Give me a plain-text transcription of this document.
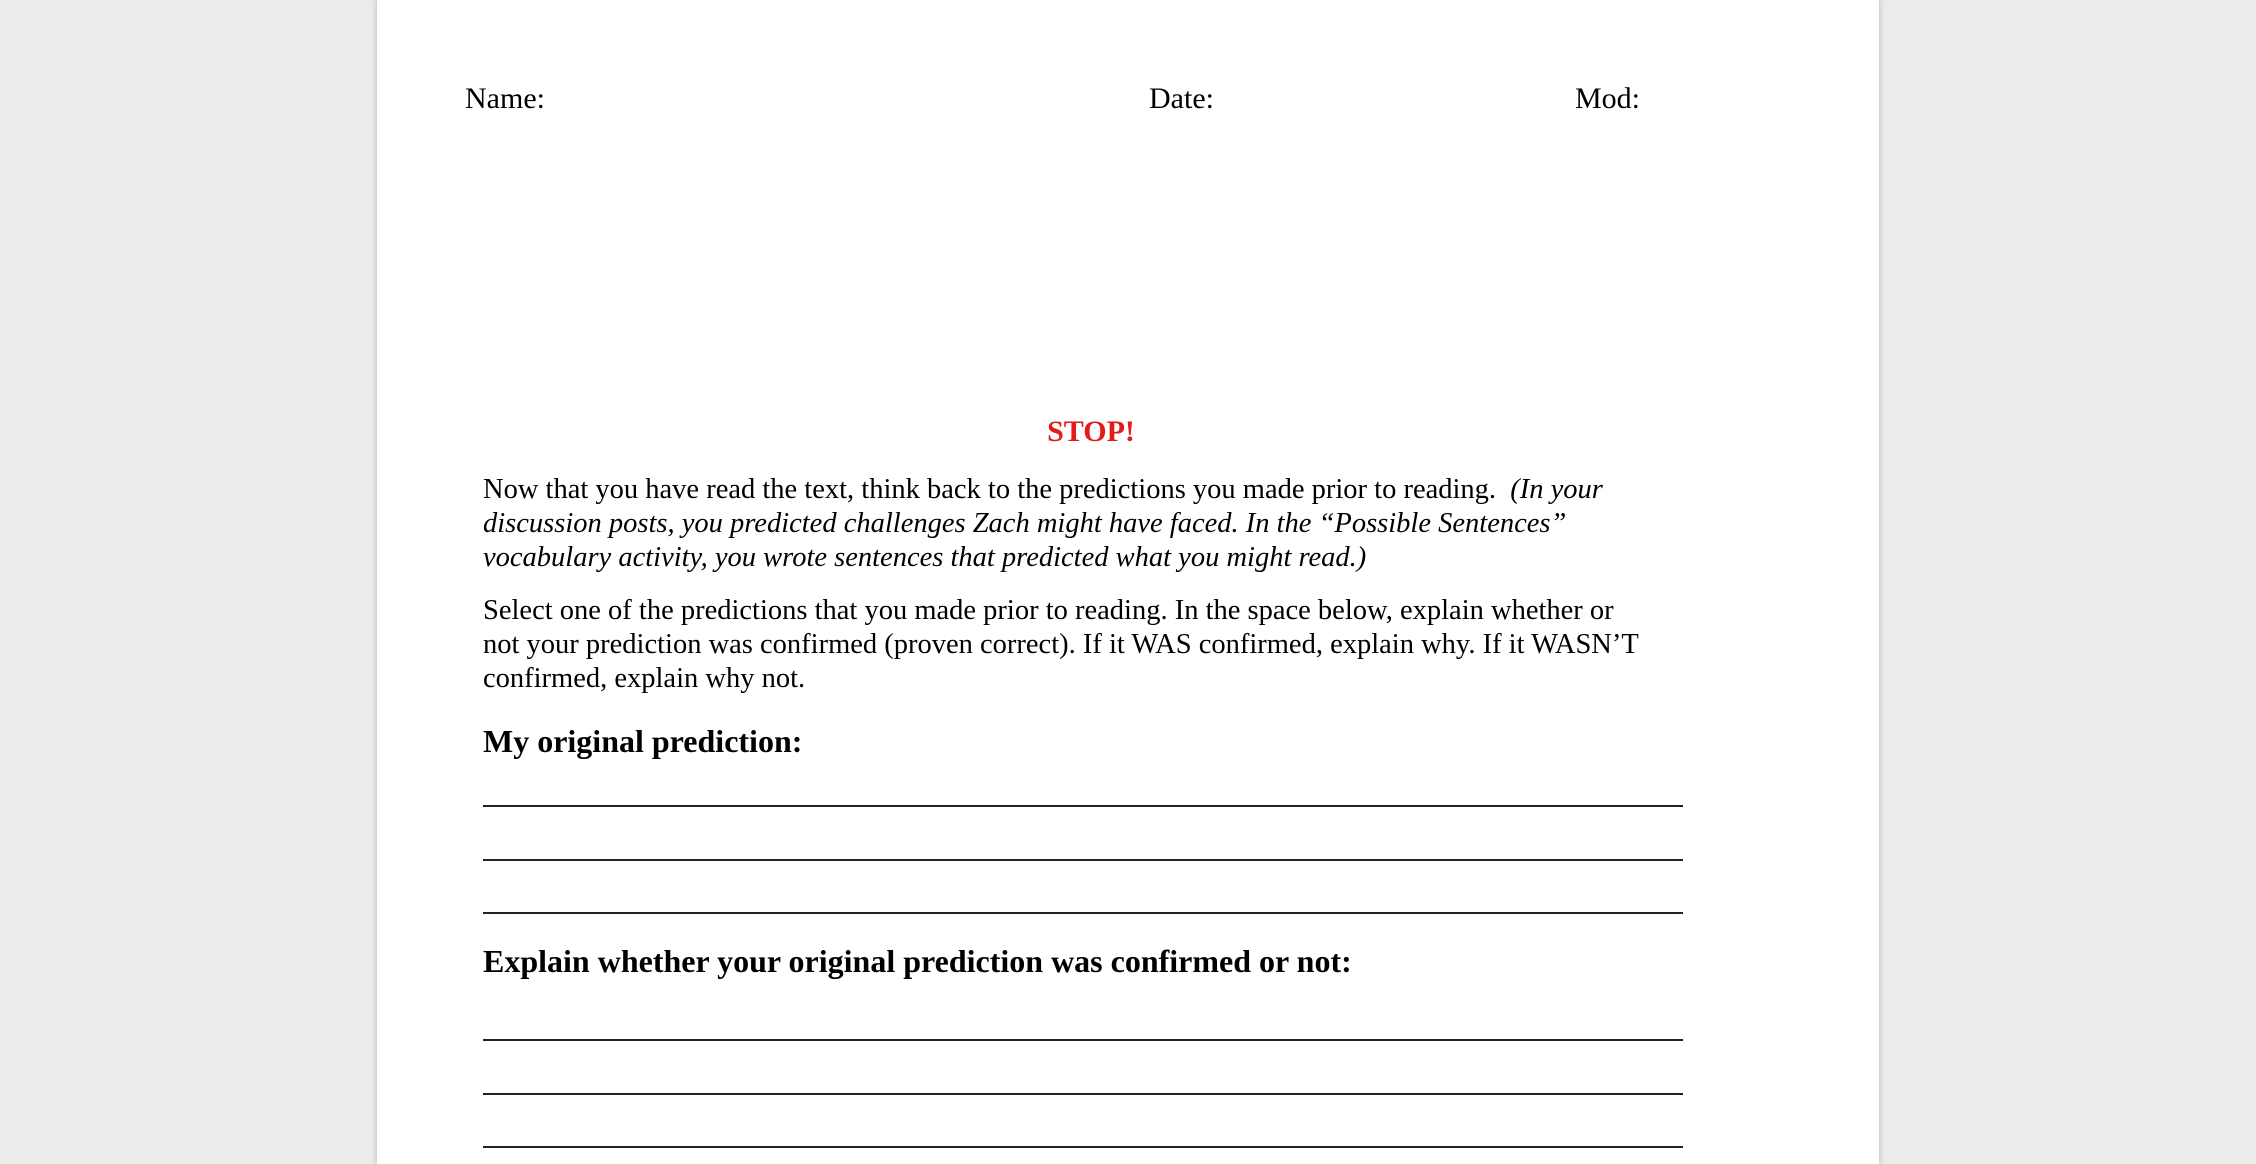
Name:	Date:	Mod:
STOP!
Now that you have read the text, think back to the predictions you made prior to reading. (In your
discussion posts, you predicted challenges Zach might have faced. In the “Possible Sentences”
vocabulary activity, you wrote sentences that predicted what you might read.)
Select one of the predictions that you made prior to reading. In the space below, explain whether or
not your prediction was confirmed (proven correct). If it WAS confirmed, explain why. If it WASN’T
confirmed, explain why not.
My original prediction:
Explain whether your original prediction was confirmed or not:
